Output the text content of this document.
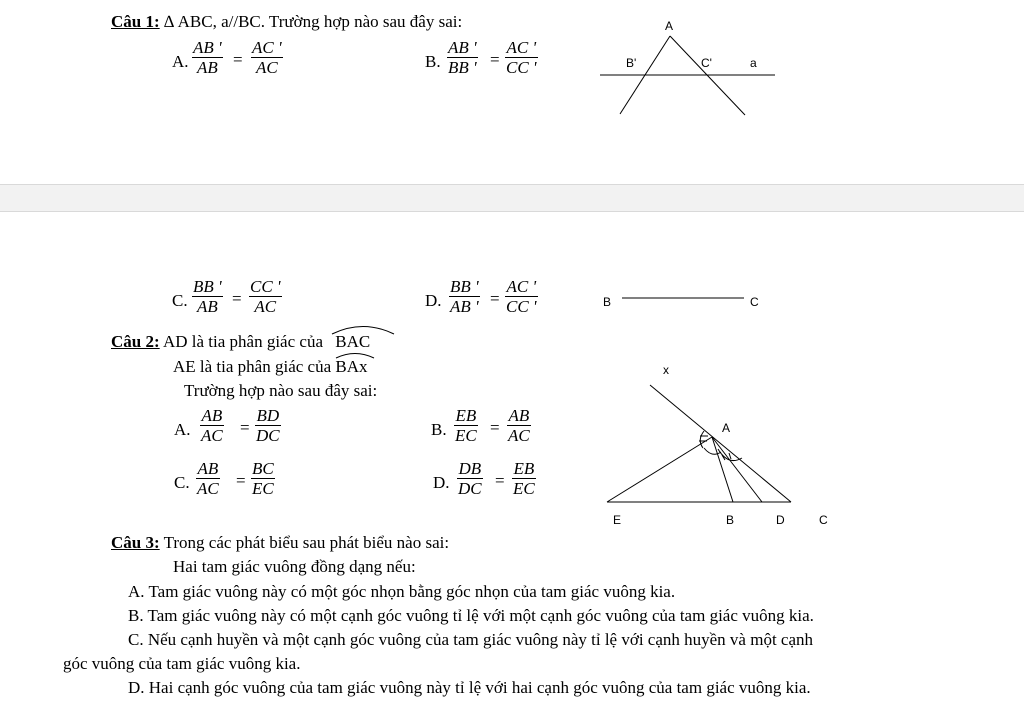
Câu 1: ∆ ABC, a//BC. Trường hợp nào sau đây sai:
A. $\frac{AB '}{AB} = \frac{AC '}{AC}$	B. $\frac{AB '}{BB '} = \frac{AC '}{CC '}$
A
B'	C'	a
C. $\frac{BB '}{AB} = \frac{CC '}{AC}$	D. $\frac{BB '}{AB '} = \frac{AC '}{CC '}$	B	C
Câu 2: AD là tia phân giác của BAC
AE là tia phân giác của BAx
Trường hợp nào sau đây sai:
A. $\frac{AB}{AC} = \frac{BD}{DC}$	B. $\frac{EB}{EC} = \frac{AB}{AC}$
C. $\frac{AB}{AC} = \frac{BC}{EC}$	D. $\frac{DB}{DC} = \frac{EB}{EC}$
x
A
E	B	D	C
Câu 3: Trong các phát biểu sau phát biểu nào sai:
Hai tam giác vuông đồng dạng nếu:
A. Tam giác vuông này có một góc nhọn bằng góc nhọn của tam giác vuông kia.
B. Tam giác vuông này có một cạnh góc vuông tỉ lệ với một cạnh góc vuông của tam giác vuông kia.
C. Nếu cạnh huyền và một cạnh góc vuông của tam giác vuông này tỉ lệ với cạnh huyền và một cạnh
góc vuông của tam giác vuông kia.
D. Hai cạnh góc vuông của tam giác vuông này tỉ lệ với hai cạnh góc vuông của tam giác vuông kia.
